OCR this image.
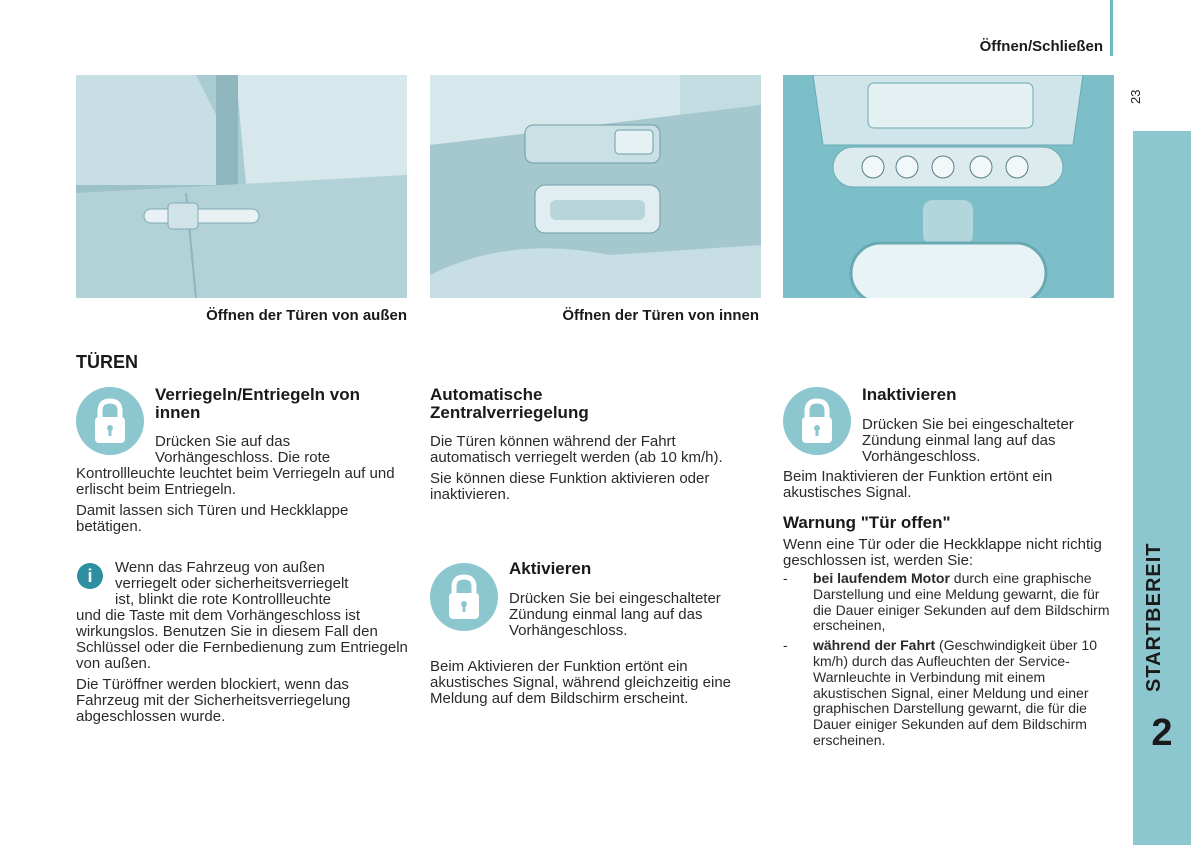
Öffnen/Schließen
23
STARTBEREIT
2
Öffnen der Türen von außen	Öffnen der Türen von innen
TÜREN
Verriegeln/Entriegeln von innen
Drücken Sie auf das
Vorhängeschloss. Die rote

Kontrollleuchte leuchtet beim Verriegeln auf und erlischt beim Entriegeln.

Damit lassen sich Türen und Heckklappe betätigen.

i	Wenn das Fahrzeug von außen
verriegelt oder sicherheitsverriegelt
ist, blinkt die rote Kontrollleuchte

und die Taste mit dem Vorhängeschloss ist wirkungslos. Benutzen Sie in diesem Fall den Schlüssel oder die Fernbedienung zum Entriegeln von außen.

Die Türöffner werden blockiert, wenn das Fahrzeug mit der Sicherheitsverriegelung abgeschlossen wurde.

Automatische
Zentralverriegelung

Die Türen können während der Fahrt automatisch verriegelt werden (ab 10 km/h).

Sie können diese Funktion aktivieren oder inaktivieren.

Aktivieren
Drücken Sie bei eingeschalteter Zündung einmal lang auf das Vorhängeschloss.
Beim Aktivieren der Funktion ertönt ein akustisches Signal, während gleichzeitig eine Meldung auf dem Bildschirm erscheint.
Inaktivieren
Drücken Sie bei eingeschalteter Zündung einmal lang auf das Vorhängeschloss.
Beim Inaktivieren der Funktion ertönt ein akustisches Signal.
Warnung "Tür offen"
Wenn eine Tür oder die Heckklappe nicht richtig geschlossen ist, werden Sie:
- bei laufendem Motor durch eine graphische Darstellung und eine Meldung gewarnt, die für die Dauer einiger Sekunden auf dem Bildschirm erscheinen,
- während der Fahrt (Geschwindigkeit über 10 km/h) durch das Aufleuchten der Service-Warnleuchte in Verbindung mit einem akustischen Signal, einer Meldung und einer graphischen Darstellung gewarnt, die für die Dauer einiger Sekunden auf dem Bildschirm erscheinen.
